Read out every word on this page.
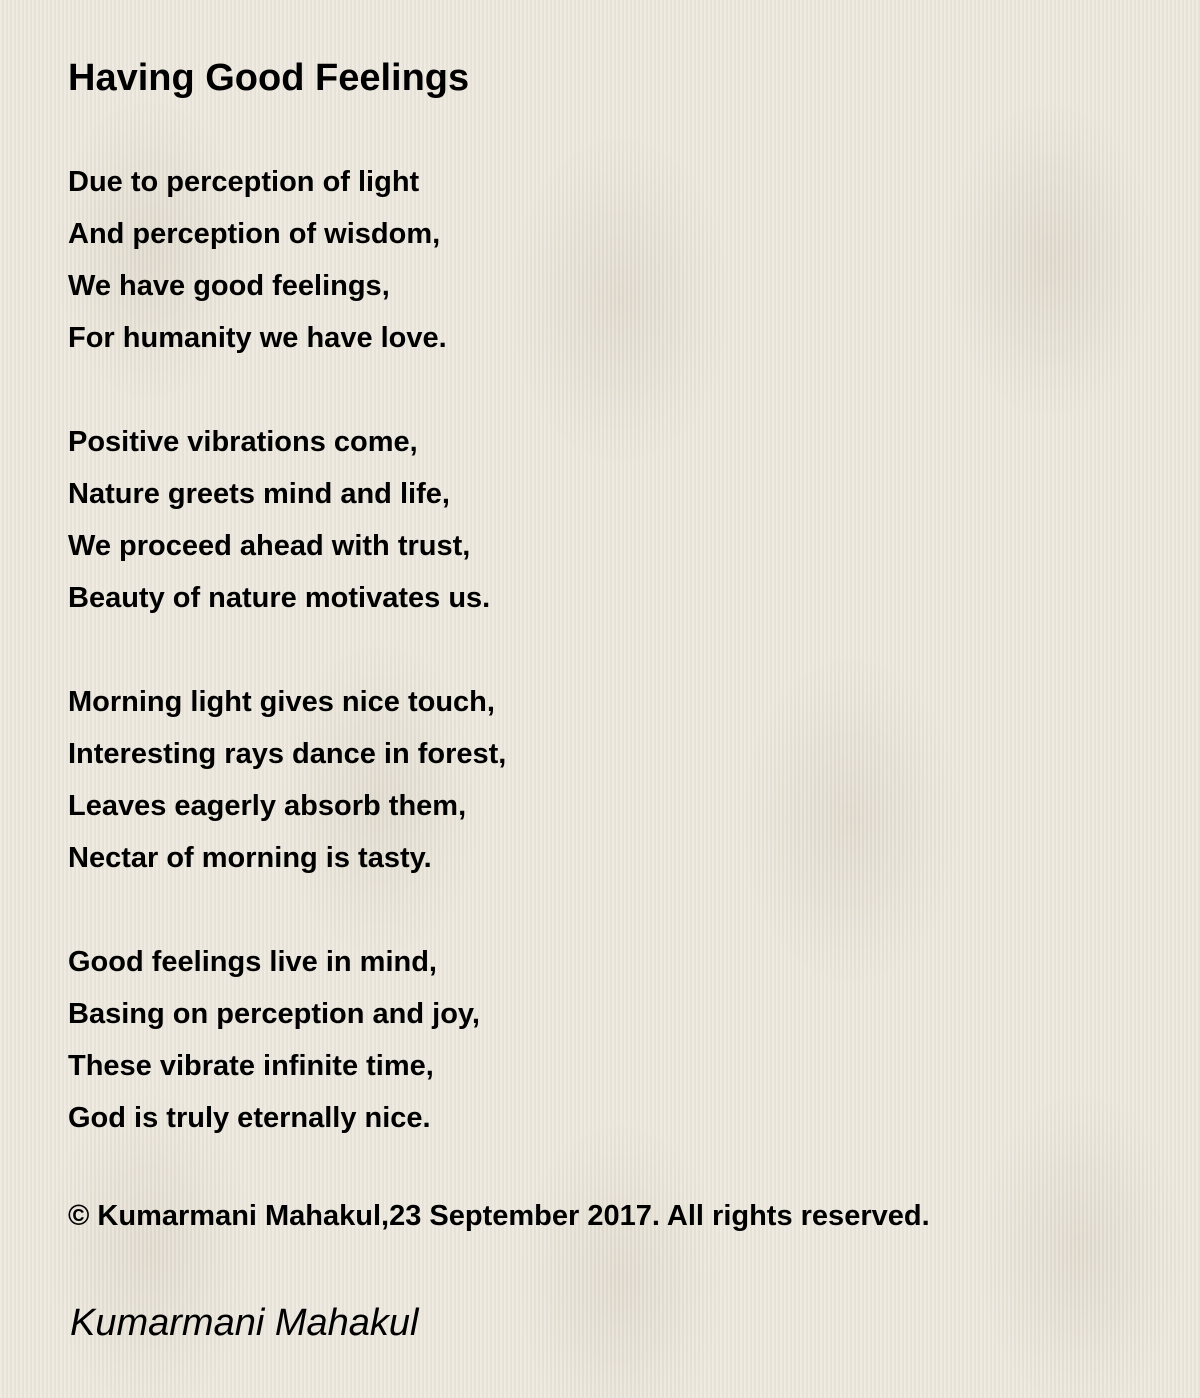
Having Good Feelings
Due to perception of light
And perception of wisdom,
We have good feelings,
For humanity we have love.
Positive vibrations come,
Nature greets mind and life,
We proceed ahead with trust,
Beauty of nature motivates us.
Morning light gives nice touch,
Interesting rays dance in forest,
Leaves eagerly absorb them,
Nectar of morning is tasty.
Good feelings live in mind,
Basing on perception and joy,
These vibrate infinite time,
God is truly eternally nice.
© Kumarmani Mahakul,23 September 2017. All rights reserved.
Kumarmani Mahakul
